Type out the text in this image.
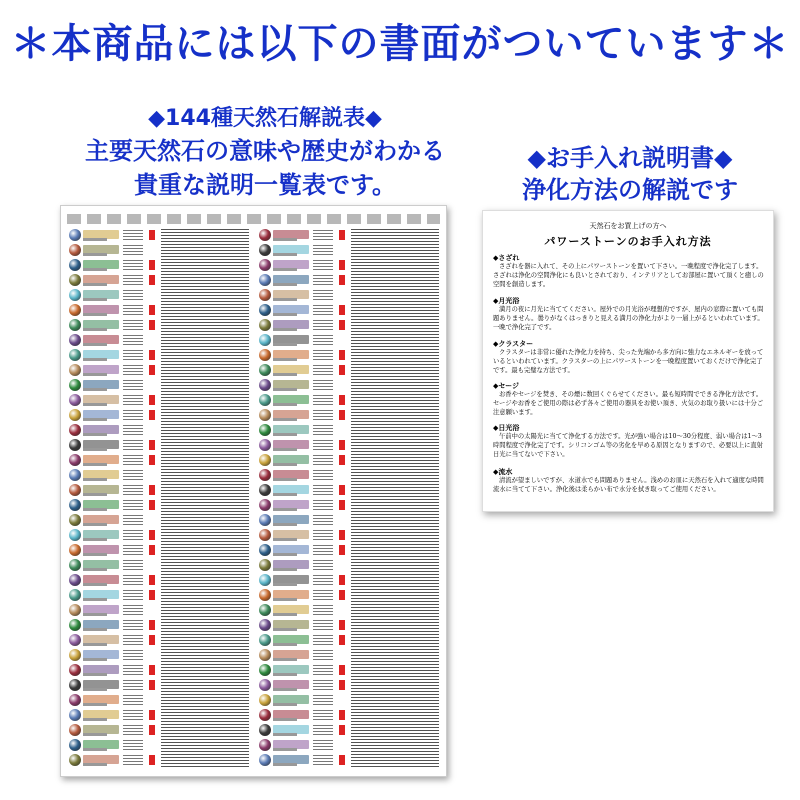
＊本商品には以下の書面がついています＊
◆144種天然石解説表◆
主要天然石の意味や歴史がわかる
貴重な説明一覧表です。
◆お手入れ説明書◆
浄化方法の解説です
天然石をお買上げの方へ
パワーストーンのお手入れ方法
◆さざれ
さざれを器に入れて、その上にパワーストーンを置いて下さい。一晩程度で浄化完了します。さざれは浄化の空間浄化にも良いとされており、インテリアとしてお部屋に置いて頂くと癒しの空間を創造します。
◆月光浴
満月の夜に月光に当ててください。屋外での月光浴が理想的ですが、屋内の窓際に置いても問題ありません。曇りがなくはっきりと見える満月の浄化力がより一層上がるといわれています。一晩で浄化完了です。
◆クラスター
クラスターは非常に優れた浄化力を持ち、尖った先端から多方向に強力なエネルギーを放っているといわれています。クラスターの上にパワーストーンを一晩程度置いておくだけで浄化完了です。最も完璧な方法です。
◆セージ
お香やセージを焚き、その煙に数回くぐらせてください。最も短時間でできる浄化方法です。セージやお香をご使用の際は必ず各々ご使用の器具をお使い頂き、火気のお取り扱いには十分ご注意願います。
◆日光浴
午前中の太陽光に当てて浄化する方法です。光が強い場合は10〜30分程度、弱い場合は1〜3時間程度で浄化完了です。シリコンゴム等の劣化を早める原因となりますので、必要以上に直射日光に当てないで下さい。
◆流水
清流が望ましいですが、水道水でも問題ありません。浅めのお皿に天然石を入れて適度な時間流水に当てて下さい。浄化後は柔らかい布で水分を拭き取ってご使用ください。
